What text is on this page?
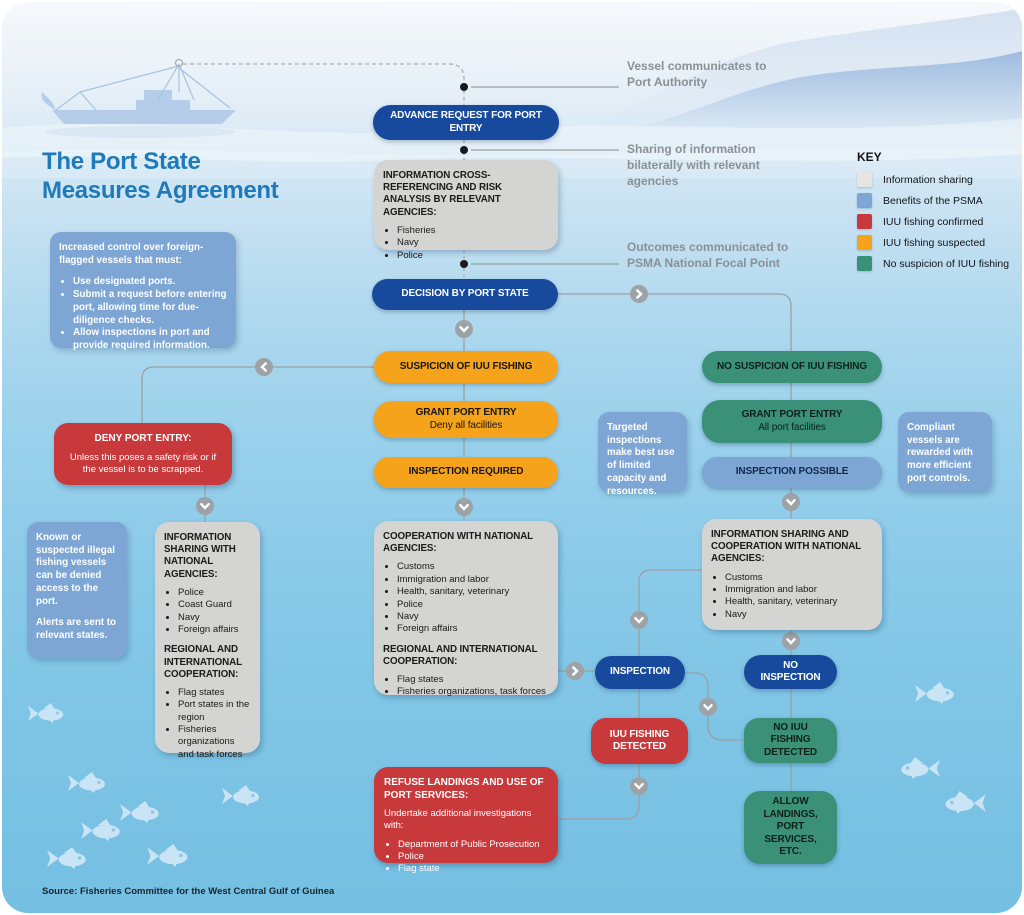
The Port State Measures Agreement
Vessel communicates to Port Authority
Sharing of information bilaterally with relevant agencies
Outcomes communicated to PSMA National Focal Point
KEY
Information sharing
Benefits of the PSMA
IUU fishing confirmed
IUU fishing suspected
No suspicion of IUU fishing
ADVANCE REQUEST FOR PORT ENTRY
INFORMATION CROSS-REFERENCING AND RISK ANALYSIS BY RELEVANT AGENCIES:
• Fisheries
• Navy
• Police
DECISION BY PORT STATE
SUSPICION OF IUU FISHING
GRANT PORT ENTRY
Deny all facilities
INSPECTION REQUIRED
COOPERATION WITH NATIONAL AGENCIES:
• Customs
• Immigration and labor
• Health, sanitary, veterinary
• Police
• Navy
• Foreign affairs
REGIONAL AND INTERNATIONAL COOPERATION:
• Flag states
• Fisheries organizations, task forces
DENY PORT ENTRY:
Unless this poses a safety risk or if the vessel is to be scrapped.
INFORMATION SHARING WITH NATIONAL AGENCIES:
• Police
• Coast Guard
• Navy
• Foreign affairs
REGIONAL AND INTERNATIONAL COOPERATION:
• Flag states
• Port states in the region
• Fisheries organizations and task forces
NO SUSPICION OF IUU FISHING
GRANT PORT ENTRY
All port facilities
INSPECTION POSSIBLE
INFORMATION SHARING AND COOPERATION WITH NATIONAL AGENCIES:
• Customs
• Immigration and labor
• Health, sanitary, veterinary
• Navy
INSPECTION
NO INSPECTION
IUU FISHING DETECTED
NO IUU FISHING DETECTED
ALLOW LANDINGS, PORT SERVICES, ETC.
REFUSE LANDINGS AND USE OF PORT SERVICES:
Undertake additional investigations with:
• Department of Public Prosecution
• Police
• Flag state

Increased control over foreign-flagged vessels that must:

• Use designated ports.
• Submit a request before entering port, allowing time for due-diligence checks.
• Allow inspections in port and provide required information.

Known or suspected illegal fishing vessels can be denied access to the port.

Alerts are sent to relevant states.

Targeted inspections make best use of limited capacity and resources.

Compliant vessels are rewarded with more efficient port controls.

Source: Fisheries Committee for the West Central Gulf of Guinea
